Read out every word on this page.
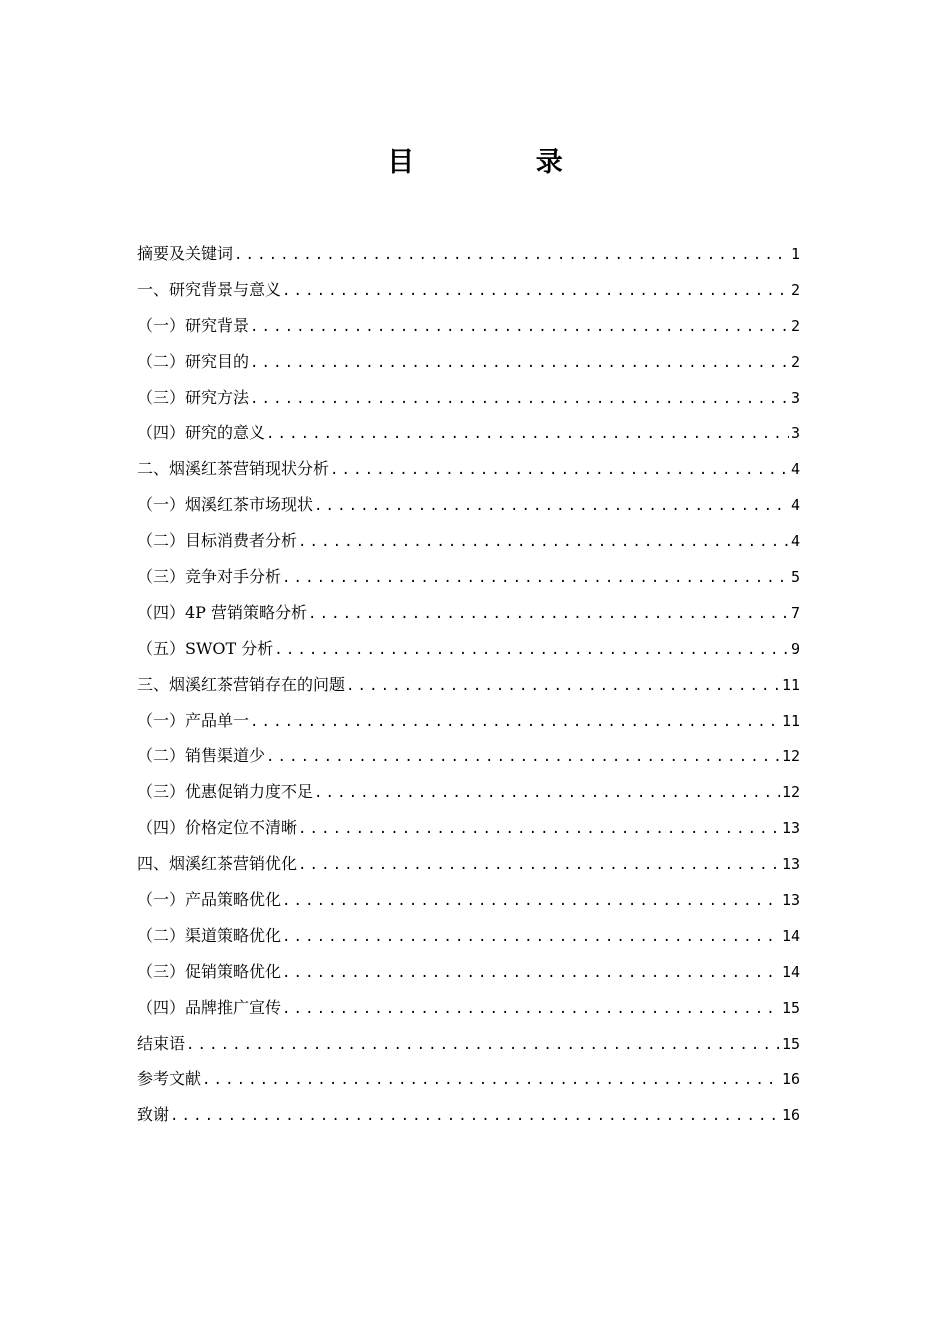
目 录
摘要及关键词 .....	1
一、研究背景与意义 .....	2
（一）研究背景 .....	2
（二）研究目的 .....	2
（三）研究方法 .....	3
（四）研究的意义 .....	3
二、烟溪红茶营销现状分析 .....	4
（一）烟溪红茶市场现状 .....	4
（二）目标消费者分析 .....	4
（三）竞争对手分析 .....	5
（四）4P 营销策略分析 .....	7
（五）SWOT 分析 .....	9
三、烟溪红茶营销存在的问题 .....	11
（一）产品单一 .....	11
（二）销售渠道少 .....	12
（三）优惠促销力度不足 .....	12
（四）价格定位不清晰 .....	13
四、烟溪红茶营销优化 .....	13
（一）产品策略优化 .....	13
（二）渠道策略优化 .....	14
（三）促销策略优化 .....	14
（四）品牌推广宣传 .....	15
结束语 .....	15
参考文献 .....	16
致谢 .....	16
